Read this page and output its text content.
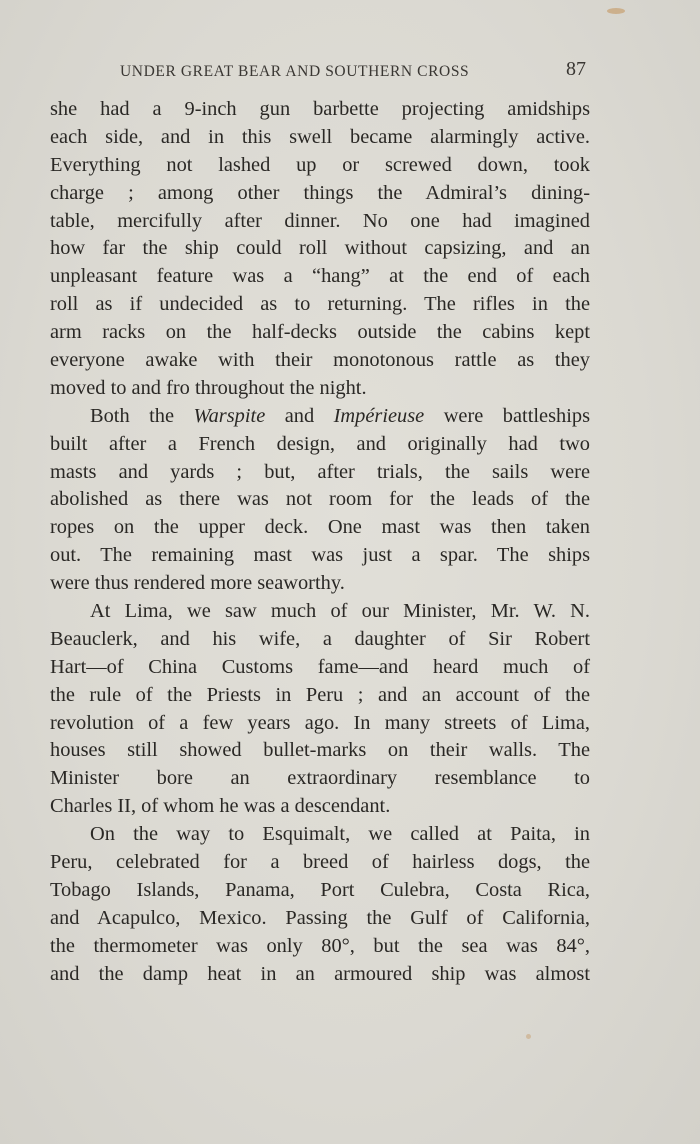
UNDER GREAT BEAR AND SOUTHERN CROSS	87
she had a 9-inch gun barbette projecting amidships
each side, and in this swell became alarmingly active.
Everything not lashed up or screwed down, took
charge ; among other things the Admiral’s dining-
table, mercifully after dinner. No one had imagined
how far the ship could roll without capsizing, and an
unpleasant feature was a “hang” at the end of each
roll as if undecided as to returning. The rifles in the
arm racks on the half-decks outside the cabins kept
everyone awake with their monotonous rattle as they
moved to and fro throughout the night.
Both the Warspite and Impérieuse were battleships
built after a French design, and originally had two
masts and yards ; but, after trials, the sails were
abolished as there was not room for the leads of the
ropes on the upper deck. One mast was then taken
out. The remaining mast was just a spar. The ships
were thus rendered more seaworthy.
At Lima, we saw much of our Minister, Mr. W. N.
Beauclerk, and his wife, a daughter of Sir Robert
Hart—of China Customs fame—and heard much of
the rule of the Priests in Peru ; and an account of the
revolution of a few years ago. In many streets of Lima,
houses still showed bullet-marks on their walls. The
Minister bore an extraordinary resemblance to
Charles II, of whom he was a descendant.
On the way to Esquimalt, we called at Paita, in
Peru, celebrated for a breed of hairless dogs, the
Tobago Islands, Panama, Port Culebra, Costa Rica,
and Acapulco, Mexico. Passing the Gulf of California,
the thermometer was only 80°, but the sea was 84°,
and the damp heat in an armoured ship was almost
